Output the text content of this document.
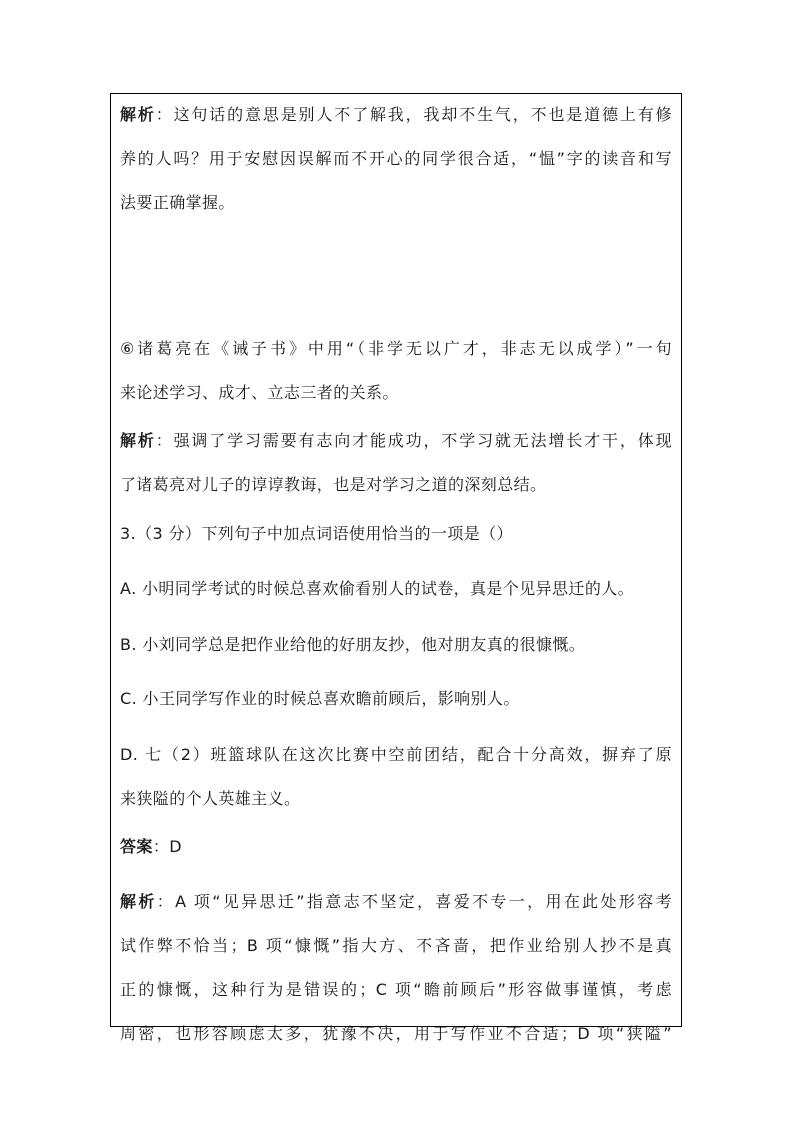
解析：这句话的意思是别人不了解我，我却不生气，不也是道德上有修
养的人吗？用于安慰因误解而不开心的同学很合适，“愠”字的读音和写
法要正确掌握。
⑥诸葛亮在《诫子书》中用“（非学无以广才，非志无以成学）”一句
来论述学习、成才、立志三者的关系。
解析：强调了学习需要有志向才能成功，不学习就无法增长才干，体现
了诸葛亮对儿子的谆谆教诲，也是对学习之道的深刻总结。
3.（3 分）下列句子中加点词语使用恰当的一项是（）
A. 小明同学考试的时候总喜欢偷看别人的试卷，真是个见异思迁的人。
B. 小刘同学总是把作业给他的好朋友抄，他对朋友真的很慷慨。
C. 小王同学写作业的时候总喜欢瞻前顾后，影响别人。
D. 七（2）班篮球队在这次比赛中空前团结，配合十分高效，摒弃了原
来狭隘的个人英雄主义。
答案：D
解析：A 项“见异思迁”指意志不坚定，喜爱不专一，用在此处形容考
试作弊不恰当；B 项“慷慨”指大方、不吝啬，把作业给别人抄不是真
正的慷慨，这种行为是错误的；C 项“瞻前顾后”形容做事谨慎，考虑
周密，也形容顾虑太多，犹豫不决，用于写作业不合适；D 项“狭隘”
